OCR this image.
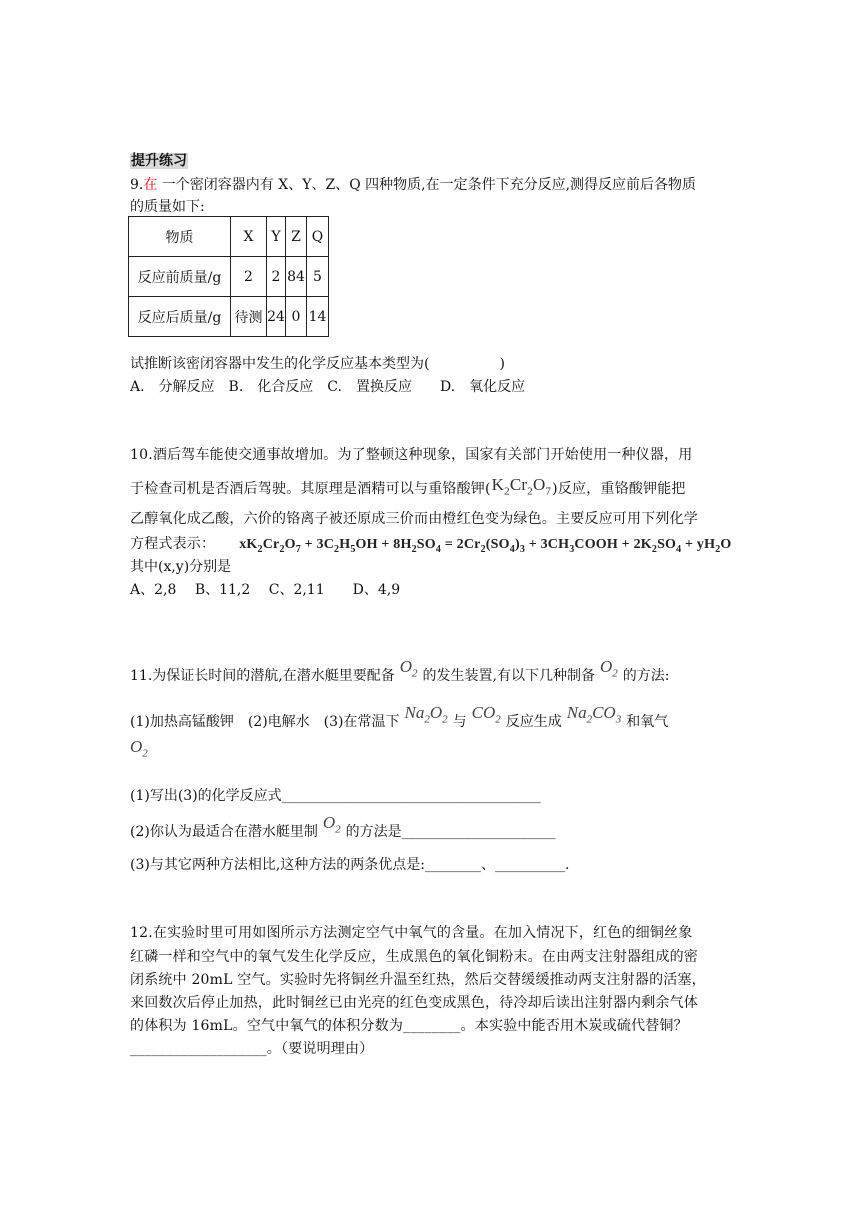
提升练习
9.在 一个密闭容器内有 X、Y、Z、Q 四种物质,在一定条件下充分反应,测得反应前后各物质
的质量如下:
物质	X	Y	Z	Q
反应前质量/g	2	2	84	5
反应后质量/g	待测	24	0	14
试推断该密闭容器中发生的化学反应基本类型为(　　　　　)
A.　分解反应　B.　化合反应　C.　置换反应　　D.　氧化反应
10.酒后驾车能使交通事故增加。为了整顿这种现象，国家有关部门开始使用一种仪器，用
于检查司机是否酒后驾驶。其原理是酒精可以与重铬酸钾$(K_2Cr_2O_7)$反应，重铬酸钾能把
乙醇氧化成乙酸，六价的铬离子被还原成三价而由橙红色变为绿色。主要反应可用下列化学
方程式表示： $xK_2Cr_2O_7 + 3C_2H_5OH + 8H_2SO_4 = 2Cr_2(SO_4)_3$ + $3CH_3COOH + 2K_2SO_4 + yH_2O$
其中(x,y)分别是
A、2,8　 B、11,2　 C、2,11　　D、4,9
11.为保证长时间的潜航,在潜水艇里要配备 $O_2$ 的发生装置,有以下几种制备 $O_2$ 的方法:
(1)加热高锰酸钾　(2)电解水　(3)在常温下 $Na_2O_2$ 与 $CO_2$ 反应生成 $Na_2CO_3$ 和氧气
$O_2$
(1)写出(3)的化学反应式_____________________________________
(2)你认为最适合在潜水艇里制 $O_2$ 的方法是______________________
(3)与其它两种方法相比,这种方法的两条优点是:________、__________.
12.在实验时里可用如图所示方法测定空气中氧气的含量。在加入情况下，红色的细铜丝象
红磷一样和空气中的氧气发生化学反应，生成黑色的氧化铜粉末。在由两支注射器组成的密
闭系统中 20mL 空气。实验时先将铜丝升温至红热，然后交替缓缓推动两支注射器的活塞，
来回数次后停止加热，此时铜丝已由光亮的红色变成黑色，待冷却后读出注射器内剩余气体
的体积为 16mL。空气中氧气的体积分数为________。本实验中能否用木炭或硫代替铜？
___________________。（要说明理由）
